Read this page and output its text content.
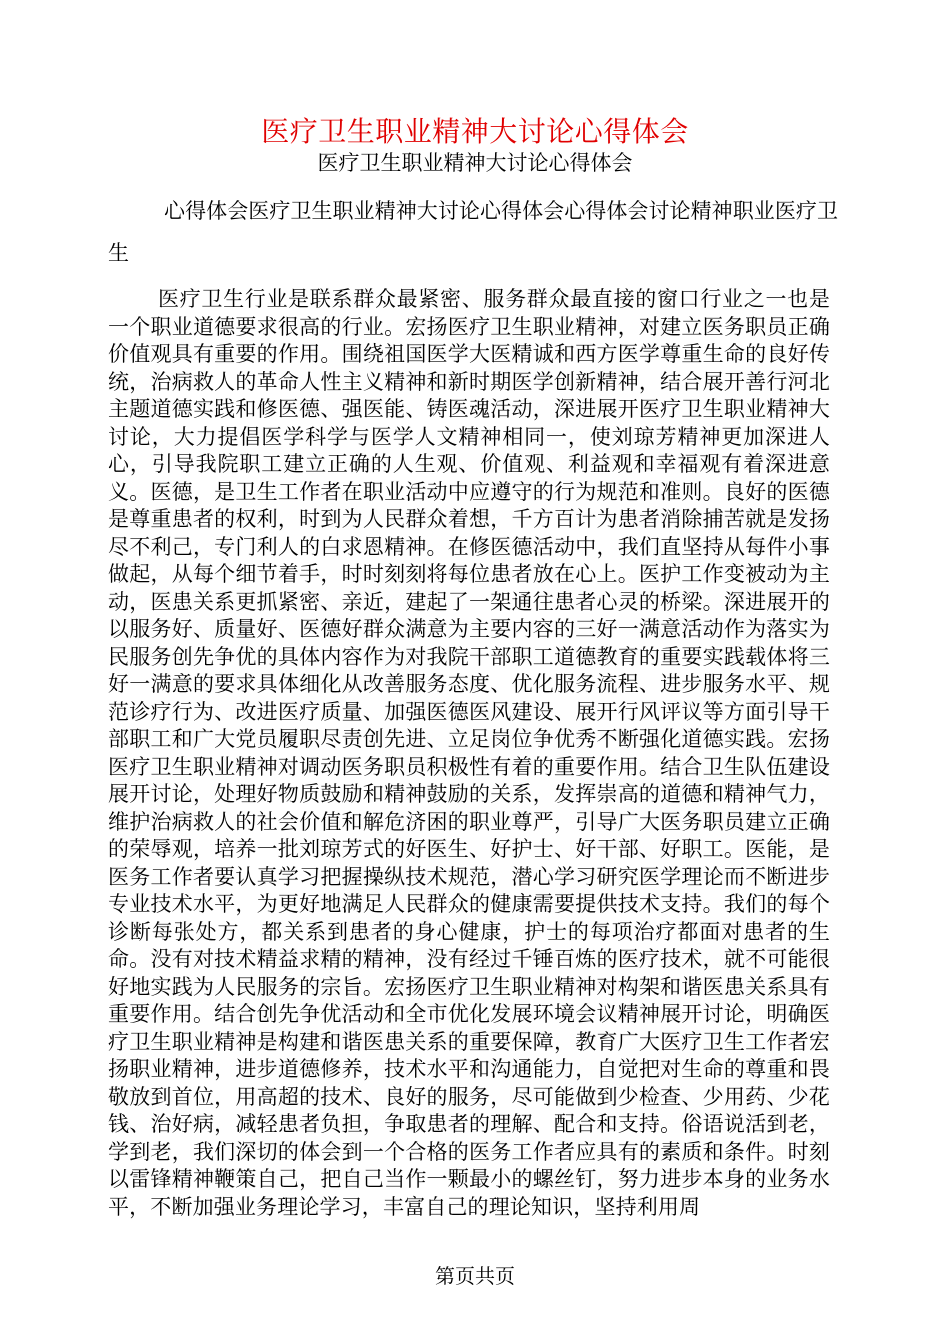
医疗卫生职业精神大讨论心得体会
医疗卫生职业精神大讨论心得体会
心得体会医疗卫生职业精神大讨论心得体会心得体会讨论精神职业医疗卫生
医疗卫生行业是联系群众最紧密、服务群众最直接的窗口行业之一也是一个职业道德要求很高的行业。宏扬医疗卫生职业精神，对建立医务职员正确价值观具有重要的作用。围绕祖国医学大医精诚和西方医学尊重生命的良好传统，治病救人的革命人性主义精神和新时期医学创新精神，结合展开善行河北主题道德实践和修医德、强医能、铸医魂活动，深进展开医疗卫生职业精神大讨论，大力提倡医学科学与医学人文精神相同一，使刘琼芳精神更加深进人心，引导我院职工建立正确的人生观、价值观、利益观和幸福观有着深进意义。医德，是卫生工作者在职业活动中应遵守的行为规范和准则。良好的医德是尊重患者的权利，时到为人民群众着想，千方百计为患者消除捕苦就是发扬尽不利己，专门利人的白求恩精神。在修医德活动中，我们直坚持从每件小事做起，从每个细节着手，时时刻刻将每位患者放在心上。医护工作变被动为主动，医患关系更抓紧密、亲近，建起了一架通往患者心灵的桥梁。深进展开的以服务好、质量好、医德好群众满意为主要内容的三好一满意活动作为落实为民服务创先争优的具体内容作为对我院干部职工道德教育的重要实践载体将三好一满意的要求具体细化从改善服务态度、优化服务流程、进步服务水平、规范诊疗行为、改进医疗质量、加强医德医风建设、展开行风评议等方面引导干部职工和广大党员履职尽责创先进、立足岗位争优秀不断强化道德实践。宏扬医疗卫生职业精神对调动医务职员积极性有着的重要作用。结合卫生队伍建设展开讨论，处理好物质鼓励和精神鼓励的关系，发挥崇高的道德和精神气力，维护治病救人的社会价值和解危济困的职业尊严，引导广大医务职员建立正确的荣辱观，培养一批刘琼芳式的好医生、好护士、好干部、好职工。医能，是医务工作者要认真学习把握操纵技术规范，潜心学习研究医学理论而不断进步专业技术水平，为更好地满足人民群众的健康需要提供技术支持。我们的每个诊断每张处方，都关系到患者的身心健康，护士的每项治疗都面对患者的生命。没有对技术精益求精的精神，没有经过千锤百炼的医疗技术，就不可能很好地实践为人民服务的宗旨。宏扬医疗卫生职业精神对构架和谐医患关系具有重要作用。结合创先争优活动和全市优化发展环境会议精神展开讨论，明确医疗卫生职业精神是构建和谐医患关系的重要保障，教育广大医疗卫生工作者宏扬职业精神，进步道德修养，技术水平和沟通能力，自觉把对生命的尊重和畏敬放到首位，用高超的技术、良好的服务，尽可能做到少检查、少用药、少花钱、治好病，减轻患者负担，争取患者的理解、配合和支持。俗语说活到老，学到老，我们深切的体会到一个合格的医务工作者应具有的素质和条件。时刻以雷锋精神鞭策自己，把自己当作一颗最小的螺丝钉，努力进步本身的业务水平，不断加强业务理论学习，丰富自己的理论知识，坚持利用周
第页共页
